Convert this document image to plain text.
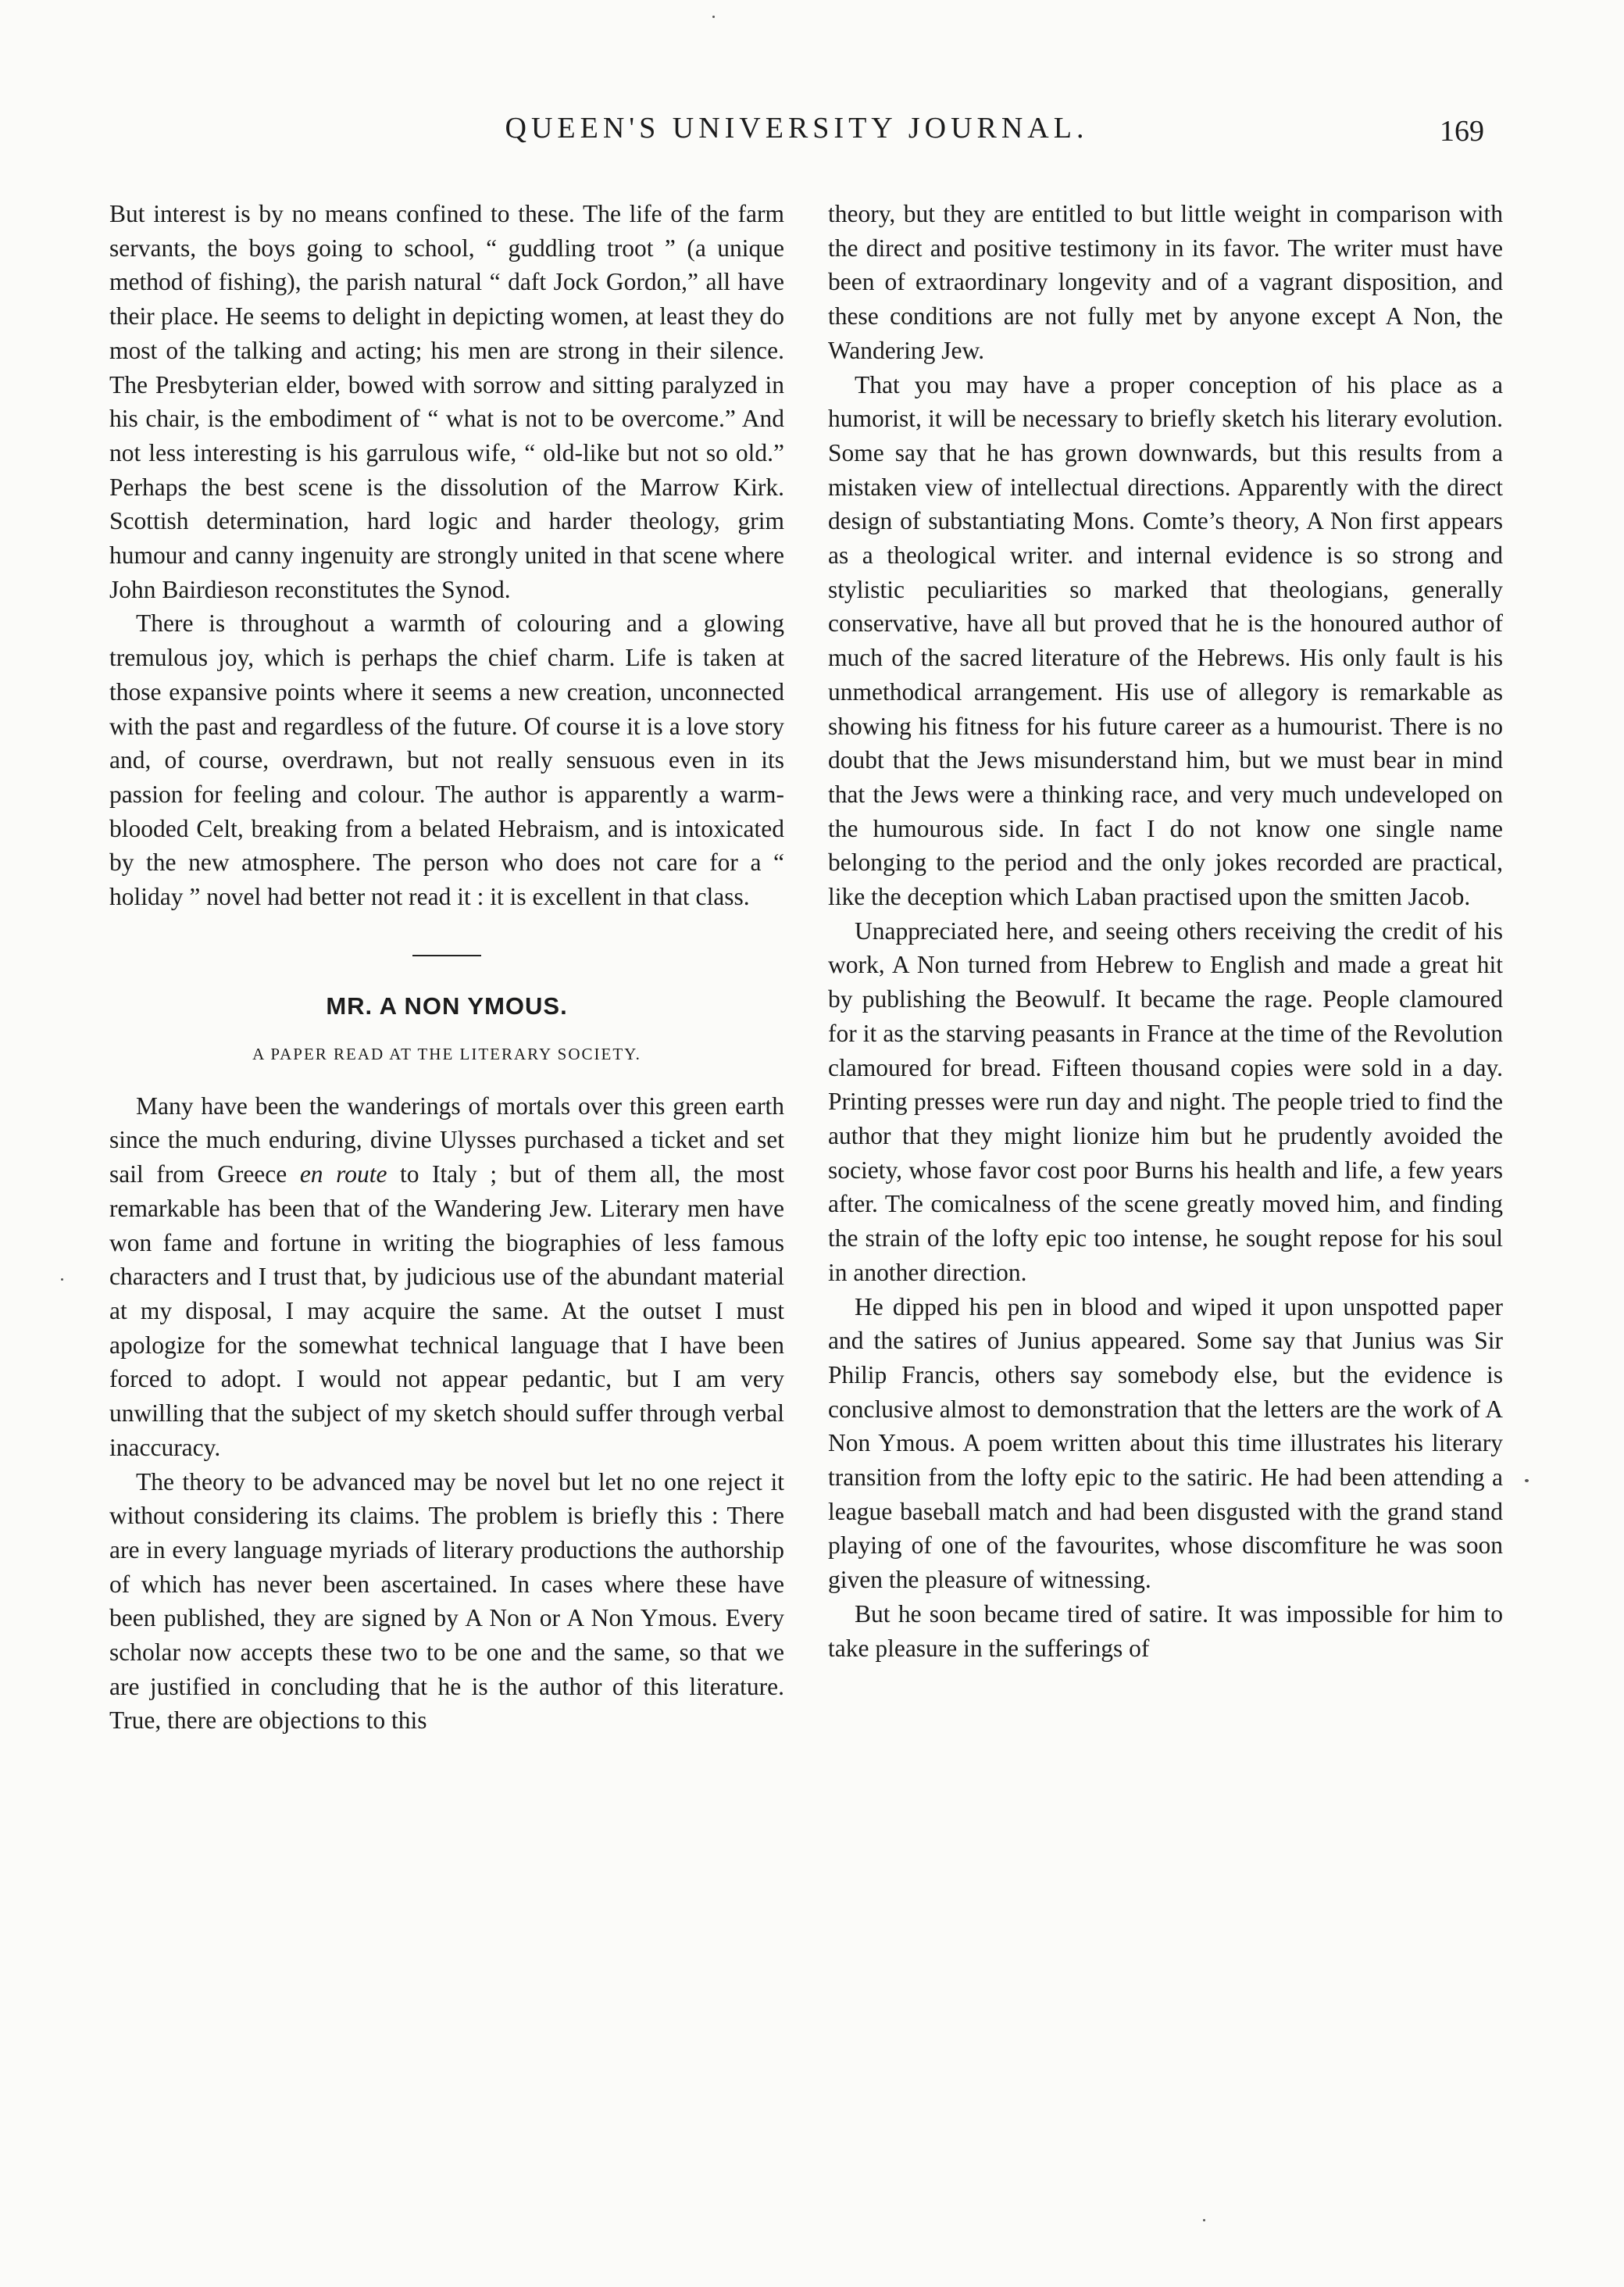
QUEEN'S UNIVERSITY JOURNAL.	169

But interest is by no means confined to these. The life of the farm servants, the boys going to school, “ guddling troot ” (a unique method of fishing), the parish natural “ daft Jock Gordon,” all have their place. He seems to delight in depicting women, at least they do most of the talking and acting; his men are strong in their silence. The Presbyterian elder, bowed with sorrow and sitting paralyzed in his chair, is the embodiment of “ what is not to be overcome.” And not less interesting is his garrulous wife, “ old-like but not so old.” Perhaps the best scene is the dissolution of the Marrow Kirk. Scottish determination, hard logic and harder theology, grim humour and canny ingenuity are strongly united in that scene where John Bairdieson reconstitutes the Synod.

There is throughout a warmth of colouring and a glowing tremulous joy, which is perhaps the chief charm. Life is taken at those expansive points where it seems a new creation, unconnected with the past and regardless of the future. Of course it is a love story and, of course, overdrawn, but not really sensuous even in its passion for feeling and colour. The author is apparently a warm-blooded Celt, breaking from a belated Hebraism, and is intoxicated by the new atmosphere. The person who does not care for a “ holiday ” novel had better not read it : it is excellent in that class.

MR. A NON YMOUS.
A PAPER READ AT THE LITERARY SOCIETY.

Many have been the wanderings of mortals over this green earth since the much enduring, divine Ulysses purchased a ticket and set sail from Greece en route to Italy ; but of them all, the most remarkable has been that of the Wandering Jew. Literary men have won fame and fortune in writing the biographies of less famous characters and I trust that, by judicious use of the abundant material at my disposal, I may acquire the same. At the outset I must apologize for the somewhat technical language that I have been forced to adopt. I would not appear pedantic, but I am very unwilling that the subject of my sketch should suffer through verbal inaccuracy.

The theory to be advanced may be novel but let no one reject it without considering its claims. The problem is briefly this : There are in every language myriads of literary productions the authorship of which has never been ascertained. In cases where these have been published, they are signed by A Non or A Non Ymous. Every scholar now accepts these two to be one and the same, so that we are justified in concluding that he is the author of this literature. True, there are objections to this

theory, but they are entitled to but little weight in comparison with the direct and positive testimony in its favor. The writer must have been of extraordinary longevity and of a vagrant disposition, and these conditions are not fully met by anyone except A Non, the Wandering Jew.

That you may have a proper conception of his place as a humorist, it will be necessary to briefly sketch his literary evolution. Some say that he has grown downwards, but this results from a mistaken view of intellectual directions. Apparently with the direct design of substantiating Mons. Comte’s theory, A Non first appears as a theological writer. and internal evidence is so strong and stylistic peculiarities so marked that theologians, generally conservative, have all but proved that he is the honoured author of much of the sacred literature of the Hebrews. His only fault is his unmethodical arrangement. His use of allegory is remarkable as showing his fitness for his future career as a humourist. There is no doubt that the Jews misunderstand him, but we must bear in mind that the Jews were a thinking race, and very much undeveloped on the humourous side. In fact I do not know one single name belonging to the period and the only jokes recorded are practical, like the deception which Laban practised upon the smitten Jacob.

Unappreciated here, and seeing others receiving the credit of his work, A Non turned from Hebrew to English and made a great hit by publishing the Beowulf. It became the rage. People clamoured for it as the starving peasants in France at the time of the Revolution clamoured for bread. Fifteen thousand copies were sold in a day. Printing presses were run day and night. The people tried to find the author that they might lionize him but he prudently avoided the society, whose favor cost poor Burns his health and life, a few years after. The comicalness of the scene greatly moved him, and finding the strain of the lofty epic too intense, he sought repose for his soul in another direction.

He dipped his pen in blood and wiped it upon unspotted paper and the satires of Junius appeared. Some say that Junius was Sir Philip Francis, others say somebody else, but the evidence is conclusive almost to demonstration that the letters are the work of A Non Ymous. A poem written about this time illustrates his literary transition from the lofty epic to the satiric. He had been attending a league baseball match and had been disgusted with the grand stand playing of one of the favourites, whose discomfiture he was soon given the pleasure of witnessing.

But he soon became tired of satire. It was impossible for him to take pleasure in the sufferings of
